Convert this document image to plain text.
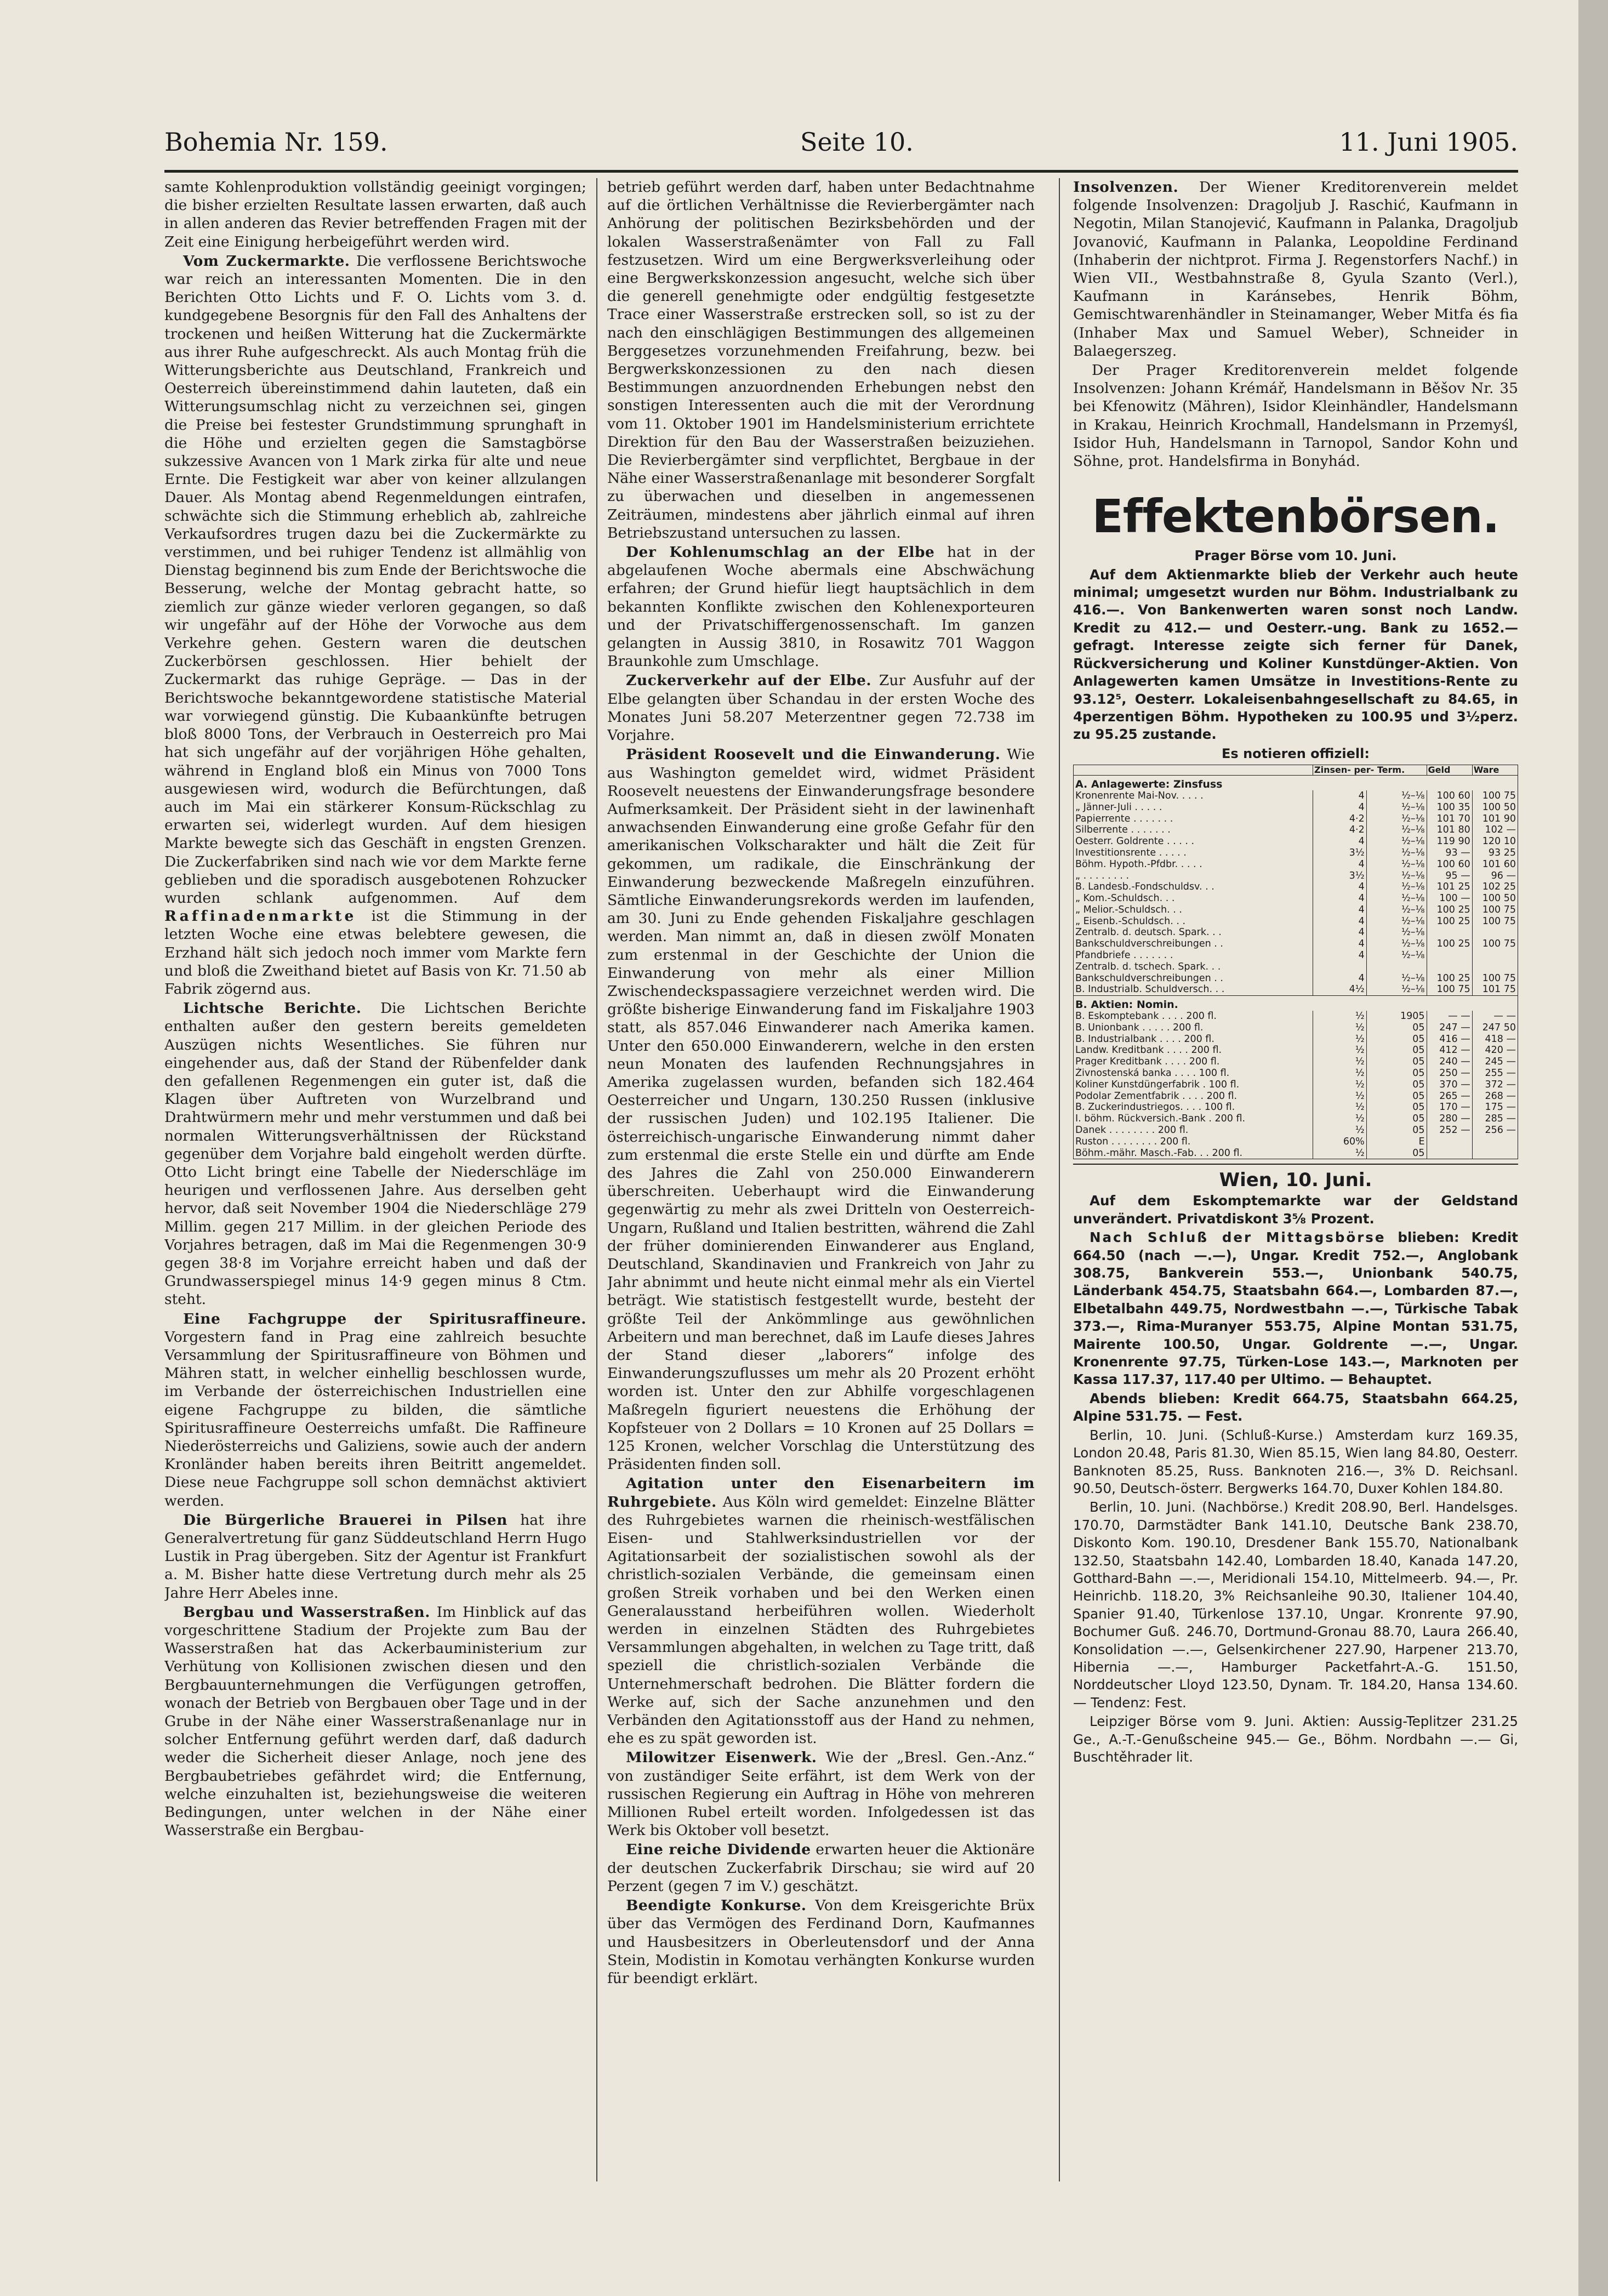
Bohemia Nr. 159.	Seite 10.	11. Juni 1905.

samte Kohlenproduktion vollständig geeinigt vorgingen; die bisher erzielten Resultate lassen erwarten, daß auch in allen anderen das Revier betreffenden Fragen mit der Zeit eine Einigung herbeigeführt werden wird.

Vom Zuckermarkte. Die verflossene Berichtswoche war reich an interessanten Momenten. Die in den Berichten Otto Lichts und F. O. Lichts vom 3. d. kundgegebene Besorgnis für den Fall des Anhaltens der trockenen und heißen Witterung hat die Zuckermärkte aus ihrer Ruhe aufgeschreckt. Als auch Montag früh die Witterungsberichte aus Deutschland, Frankreich und Oesterreich übereinstimmend dahin lauteten, daß ein Witterungsumschlag nicht zu verzeichnen sei, gingen die Preise bei festester Grundstimmung sprunghaft in die Höhe und erzielten gegen die Samstagbörse sukzessive Avancen von 1 Mark zirka für alte und neue Ernte. Die Festigkeit war aber von keiner allzulangen Dauer. Als Montag abend Regenmeldungen eintrafen, schwächte sich die Stimmung erheblich ab, zahlreiche Verkaufsordres trugen dazu bei die Zuckermärkte zu verstimmen, und bei ruhiger Tendenz ist allmählig von Dienstag beginnend bis zum Ende der Berichtswoche die Besserung, welche der Montag gebracht hatte, so ziemlich zur gänze wieder verloren gegangen, so daß wir ungefähr auf der Höhe der Vorwoche aus dem Verkehre gehen. Gestern waren die deutschen Zuckerbörsen geschlossen. Hier behielt der Zuckermarkt das ruhige Gepräge. — Das in der Berichtswoche bekanntgewordene statistische Material war vorwiegend günstig. Die Kubaankünfte betrugen bloß 8000 Tons, der Verbrauch in Oesterreich pro Mai hat sich ungefähr auf der vorjährigen Höhe gehalten, während in England bloß ein Minus von 7000 Tons ausgewiesen wird, wodurch die Befürchtungen, daß auch im Mai ein stärkerer Konsum-Rückschlag zu erwarten sei, widerlegt wurden. Auf dem hiesigen Markte bewegte sich das Geschäft in engsten Grenzen. Die Zuckerfabriken sind nach wie vor dem Markte ferne geblieben und die sporadisch ausgebotenen Rohzucker wurden schlank aufgenommen. Auf dem Raffinadenmarkte ist die Stimmung in der letzten Woche eine etwas belebtere gewesen, die Erzhand hält sich jedoch noch immer vom Markte fern und bloß die Zweithand bietet auf Basis von Kr. 71.50 ab Fabrik zögernd aus.

Lichtsche Berichte. Die Lichtschen Berichte enthalten außer den gestern bereits gemeldeten Auszügen nichts Wesentliches. Sie führen nur eingehender aus, daß der Stand der Rübenfelder dank den gefallenen Regenmengen ein guter ist, daß die Klagen über Auftreten von Wurzelbrand und Drahtwürmern mehr und mehr verstummen und daß bei normalen Witterungsverhältnissen der Rückstand gegenüber dem Vorjahre bald eingeholt werden dürfte. Otto Licht bringt eine Tabelle der Niederschläge im heurigen und verflossenen Jahre. Aus derselben geht hervor, daß seit November 1904 die Niederschläge 279 Millim. gegen 217 Millim. in der gleichen Periode des Vorjahres betragen, daß im Mai die Regenmengen 30·9 gegen 38·8 im Vorjahre erreicht haben und daß der Grundwasserspiegel minus 14·9 gegen minus 8 Ctm. steht.

Eine Fachgruppe der Spiritusraffineure. Vorgestern fand in Prag eine zahlreich besuchte Versammlung der Spiritusraffineure von Böhmen und Mähren statt, in welcher einhellig beschlossen wurde, im Verbande der österreichischen Industriellen eine eigene Fachgruppe zu bilden, die sämtliche Spiritusraffineure Oesterreichs umfaßt. Die Raffineure Niederösterreichs und Galiziens, sowie auch der andern Kronländer haben bereits ihren Beitritt angemeldet. Diese neue Fachgruppe soll schon demnächst aktiviert werden.

Die Bürgerliche Brauerei in Pilsen hat ihre Generalvertretung für ganz Süddeutschland Herrn Hugo Lustik in Prag übergeben. Sitz der Agentur ist Frankfurt a. M. Bisher hatte diese Vertretung durch mehr als 25 Jahre Herr Abeles inne.

Bergbau und Wasserstraßen. Im Hinblick auf das vorgeschrittene Stadium der Projekte zum Bau der Wasserstraßen hat das Ackerbauministerium zur Verhütung von Kollisionen zwischen diesen und den Bergbauunternehmungen die Verfügungen getroffen, wonach der Betrieb von Bergbauen ober Tage und in der Grube in der Nähe einer Wasserstraßenanlage nur in solcher Entfernung geführt werden darf, daß dadurch weder die Sicherheit dieser Anlage, noch jene des Bergbaubetriebes gefährdet wird; die Entfernung, welche einzuhalten ist, beziehungsweise die weiteren Bedingungen, unter welchen in der Nähe einer Wasserstraße ein Bergbau-

betrieb geführt werden darf, haben unter Bedachtnahme auf die örtlichen Verhältnisse die Revierbergämter nach Anhörung der politischen Bezirksbehörden und der lokalen Wasserstraßenämter von Fall zu Fall festzusetzen. Wird um eine Bergwerksverleihung oder eine Bergwerkskonzession angesucht, welche sich über die generell genehmigte oder endgültig festgesetzte Trace einer Wasserstraße erstrecken soll, so ist zu der nach den einschlägigen Bestimmungen des allgemeinen Berggesetzes vorzunehmenden Freifahrung, bezw. bei Bergwerkskonzessionen zu den nach diesen Bestimmungen anzuordnenden Erhebungen nebst den sonstigen Interessenten auch die mit der Verordnung vom 11. Oktober 1901 im Handelsministerium errichtete Direktion für den Bau der Wasserstraßen beizuziehen. Die Revierbergämter sind verpflichtet, Bergbaue in der Nähe einer Wasserstraßenanlage mit besonderer Sorgfalt zu überwachen und dieselben in angemessenen Zeiträumen, mindestens aber jährlich einmal auf ihren Betriebszustand untersuchen zu lassen.

Der Kohlenumschlag an der Elbe hat in der abgelaufenen Woche abermals eine Abschwächung erfahren; der Grund hiefür liegt hauptsächlich in dem bekannten Konflikte zwischen den Kohlenexporteuren und der Privatschiffergenossenschaft. Im ganzen gelangten in Aussig 3810, in Rosawitz 701 Waggon Braunkohle zum Umschlage.

Zuckerverkehr auf der Elbe. Zur Ausfuhr auf der Elbe gelangten über Schandau in der ersten Woche des Monates Juni 58.207 Meterzentner gegen 72.738 im Vorjahre.

Präsident Roosevelt und die Einwanderung. Wie aus Washington gemeldet wird, widmet Präsident Roosevelt neuestens der Einwanderungsfrage besondere Aufmerksamkeit. Der Präsident sieht in der lawinenhaft anwachsenden Einwanderung eine große Gefahr für den amerikanischen Volkscharakter und hält die Zeit für gekommen, um radikale, die Einschränkung der Einwanderung bezweckende Maßregeln einzuführen. Sämtliche Einwanderungsrekords werden im laufenden, am 30. Juni zu Ende gehenden Fiskaljahre geschlagen werden. Man nimmt an, daß in diesen zwölf Monaten zum erstenmal in der Geschichte der Union die Einwanderung von mehr als einer Million Zwischendeckspassagiere verzeichnet werden wird. Die größte bisherige Einwanderung fand im Fiskaljahre 1903 statt, als 857.046 Einwanderer nach Amerika kamen. Unter den 650.000 Einwanderern, welche in den ersten neun Monaten des laufenden Rechnungsjahres in Amerika zugelassen wurden, befanden sich 182.464 Oesterreicher und Ungarn, 130.250 Russen (inklusive der russischen Juden) und 102.195 Italiener. Die österreichisch-ungarische Einwanderung nimmt daher zum erstenmal die erste Stelle ein und dürfte am Ende des Jahres die Zahl von 250.000 Einwanderern überschreiten. Ueberhaupt wird die Einwanderung gegenwärtig zu mehr als zwei Dritteln von Oesterreich-Ungarn, Rußland und Italien bestritten, während die Zahl der früher dominierenden Einwanderer aus England, Deutschland, Skandinavien und Frankreich von Jahr zu Jahr abnimmt und heute nicht einmal mehr als ein Viertel beträgt. Wie statistisch festgestellt wurde, besteht der größte Teil der Ankömmlinge aus gewöhnlichen Arbeitern und man berechnet, daß im Laufe dieses Jahres der Stand dieser „laborers“ infolge des Einwanderungszuflusses um mehr als 20 Prozent erhöht worden ist. Unter den zur Abhilfe vorgeschlagenen Maßregeln figuriert neuestens die Erhöhung der Kopfsteuer von 2 Dollars = 10 Kronen auf 25 Dollars = 125 Kronen, welcher Vorschlag die Unterstützung des Präsidenten finden soll.

Agitation unter den Eisenarbeitern im Ruhrgebiete. Aus Köln wird gemeldet: Einzelne Blätter des Ruhrgebietes warnen die rheinisch-westfälischen Eisen- und Stahlwerksindustriellen vor der Agitationsarbeit der sozialistischen sowohl als der christlich-sozialen Verbände, die gemeinsam einen großen Streik vorhaben und bei den Werken einen Generalausstand herbeiführen wollen. Wiederholt werden in einzelnen Städten des Ruhrgebietes Versammlungen abgehalten, in welchen zu Tage tritt, daß speziell die christlich-sozialen Verbände die Unternehmerschaft bedrohen. Die Blätter fordern die Werke auf, sich der Sache anzunehmen und den Verbänden den Agitationsstoff aus der Hand zu nehmen, ehe es zu spät geworden ist.

Milowitzer Eisenwerk. Wie der „Bresl. Gen.-Anz.“ von zuständiger Seite erfährt, ist dem Werk von der russischen Regierung ein Auftrag in Höhe von mehreren Millionen Rubel erteilt worden. Infolgedessen ist das Werk bis Oktober voll besetzt.

Eine reiche Dividende erwarten heuer die Aktionäre der deutschen Zuckerfabrik Dirschau; sie wird auf 20 Perzent (gegen 7 im V.) geschätzt.

Beendigte Konkurse. Von dem Kreisgerichte Brüx über das Vermögen des Ferdinand Dorn, Kaufmannes und Hausbesitzers in Oberleutensdorf und der Anna Stein, Modistin in Komotau verhängten Konkurse wurden für beendigt erklärt.

Insolvenzen. Der Wiener Kreditorenverein meldet folgende Insolvenzen: Dragoljub J. Raschić, Kaufmann in Negotin, Milan Stanojević, Kaufmann in Palanka, Dragoljub Jovanović, Kaufmann in Palanka, Leopoldine Ferdinand (Inhaberin der nichtprot. Firma J. Regenstorfers Nachf.) in Wien VII., Westbahnstraße 8, Gyula Szanto (Verl.), Kaufmann in Karánsebes, Henrik Böhm, Gemischtwarenhändler in Steinamanger, Weber Mitfa és fia (Inhaber Max und Samuel Weber), Schneider in Balaegerszeg.

Der Prager Kreditorenverein meldet folgende Insolvenzen: Johann Krémář, Handelsmann in Běšov Nr. 35 bei Kfenowitz (Mähren), Isidor Kleinhändler, Handelsmann in Krakau, Heinrich Krochmall, Handelsmann in Przemyśl, Isidor Huh, Handelsmann in Tarnopol, Sandor Kohn und Söhne, prot. Handelsfirma in Bonyhád.

Effektenbörsen.

Prager Börse vom 10. Juni.

Auf dem Aktienmarkte blieb der Verkehr auch heute minimal; umgesetzt wurden nur Böhm. Industrialbank zu 416.—. Von Bankenwerten waren sonst noch Landw. Kredit zu 412.— und Oesterr.-ung. Bank zu 1652.— gefragt. Interesse zeigte sich ferner für Danek, Rückversicherung und Koliner Kunstdünger-Aktien. Von Anlagewerten kamen Umsätze in Investitions-Rente zu 93.12⁵, Oesterr. Lokaleisenbahngesellschaft zu 84.65, in 4perzentigen Böhm. Hypotheken zu 100.95 und 3½perz. zu 95.25 zustande.

Es notieren offiziell:

	Zinsen- per- Term.		Geld	Ware
A. Anlagewerte: Zinsfuss				
Kronenrente Mai-Nov. . . . .	4	½–⅛	100 60	100 75
„ Jänner-Juli . . . . .	4	½–⅛	100 35	100 50
Papierrente . . . . . . .	4·2	½–⅛	101 70	101 90
Silberrente . . . . . . .	4·2	½–⅛	101 80	102 —
Oesterr. Goldrente . . . . .	4	½–⅛	119 90	120 10
Investitionsrente . . . . .	3½	½–⅛	93 —	93 25
Böhm. Hypoth.-Pfdbr. . . . .	4	½–⅛	100 60	101 60
„ . . . . . . . .	3½	½–⅛	95 —	96 —
B. Landesb.-Fondschuldsv. . .	4	½–⅛	101 25	102 25
„ Kom.-Schuldsch. . .	4	½–⅛	100 —	100 50
„ Melior.-Schuldsch. . .	4	½–⅛	100 25	100 75
„ Eisenb.-Schuldsch. . .	4	½–⅛	100 25	100 75
Zentralb. d. deutsch. Spark. . .	4	½–⅛		
Bankschuldverschreibungen . .	4	½–⅛	100 25	100 75
Pfandbriefe . . . . . . .	4	½–⅛		
Zentralb. d. tschech. Spark. . .				
Bankschuldverschreibungen . .	4	½–⅛	100 25	100 75
B. Industrialb. Schuldversch. . .	4½	½–⅛	100 75	101 75
B. Aktien: Nomin.				
B. Eskomptebank . . . . 200 fl.	½	1905	— —	— —
B. Unionbank . . . . . 200 fl.	½	05	247 —	247 50
B. Industrialbank . . . . 200 fl.	½	05	416 —	418 —
Landw. Kreditbank . . . . 200 fl.	½	05	412 —	420 —
Prager Kreditbank . . . . 200 fl.	½	05	240 —	245 —
Živnostenská banka . . . . 100 fl.	½	05	250 —	255 —
Koliner Kunstdüngerfabrik . 100 fl.	½	05	370 —	372 —
Podolar Zementfabrik . . . . 200 fl.	½	05	265 —	268 —
B. Zuckerindustriegos. . . . 100 fl.	½	05	170 —	175 —
I. böhm. Rückversich.-Bank . 200 fl.	½	05	280 —	285 —
Danek . . . . . . . . 200 fl.	½	05	252 —	256 —
Ruston . . . . . . . . 200 fl.	60%	E		
Böhm.-mähr. Masch.-Fab. . . 200 fl.	½	05		

Wien, 10. Juni.

Auf dem Eskomptemarkte war der Geldstand unverändert. Privatdiskont 3⅝ Prozent.

Nach Schluß der Mittagsbörse blieben: Kredit 664.50 (nach —.—), Ungar. Kredit 752.—, Anglobank 308.75, Bankverein 553.—, Unionbank 540.75, Länderbank 454.75, Staatsbahn 664.—, Lombarden 87.—, Elbetalbahn 449.75, Nordwestbahn —.—, Türkische Tabak 373.—, Rima-Muranyer 553.75, Alpine Montan 531.75, Mairente 100.50, Ungar. Goldrente —.—, Ungar. Kronenrente 97.75, Türken-Lose 143.—, Marknoten per Kassa 117.37, 117.40 per Ultimo. — Behauptet.

Abends blieben: Kredit 664.75, Staatsbahn 664.25, Alpine 531.75. — Fest.

Berlin, 10. Juni. (Schluß-Kurse.) Amsterdam kurz 169.35, London 20.48, Paris 81.30, Wien 85.15, Wien lang 84.80, Oesterr. Banknoten 85.25, Russ. Banknoten 216.—, 3% D. Reichsanl. 90.50, Deutsch-österr. Bergwerks 164.70, Duxer Kohlen 184.80.

Berlin, 10. Juni. (Nachbörse.) Kredit 208.90, Berl. Handelsges. 170.70, Darmstädter Bank 141.10, Deutsche Bank 238.70, Diskonto Kom. 190.10, Dresdener Bank 155.70, Nationalbank 132.50, Staatsbahn 142.40, Lombarden 18.40, Kanada 147.20, Gotthard-Bahn —.—, Meridionali 154.10, Mittelmeerb. 94.—, Pr. Heinrichb. 118.20, 3% Reichsanleihe 90.30, Italiener 104.40, Spanier 91.40, Türkenlose 137.10, Ungar. Kronrente 97.90, Bochumer Guß. 246.70, Dortmund-Gronau 88.70, Laura 266.40, Konsolidation —.—, Gelsenkirchener 227.90, Harpener 213.70, Hibernia —.—, Hamburger Packetfahrt-A.-G. 151.50, Norddeutscher Lloyd 123.50, Dynam. Tr. 184.20, Hansa 134.60. — Tendenz: Fest.

Leipziger Börse vom 9. Juni. Aktien: Aussig-Teplitzer 231.25 Ge., A.-T.-Genußscheine 945.— Ge., Böhm. Nordbahn —.— Gi, Buschtěhrader lit.
